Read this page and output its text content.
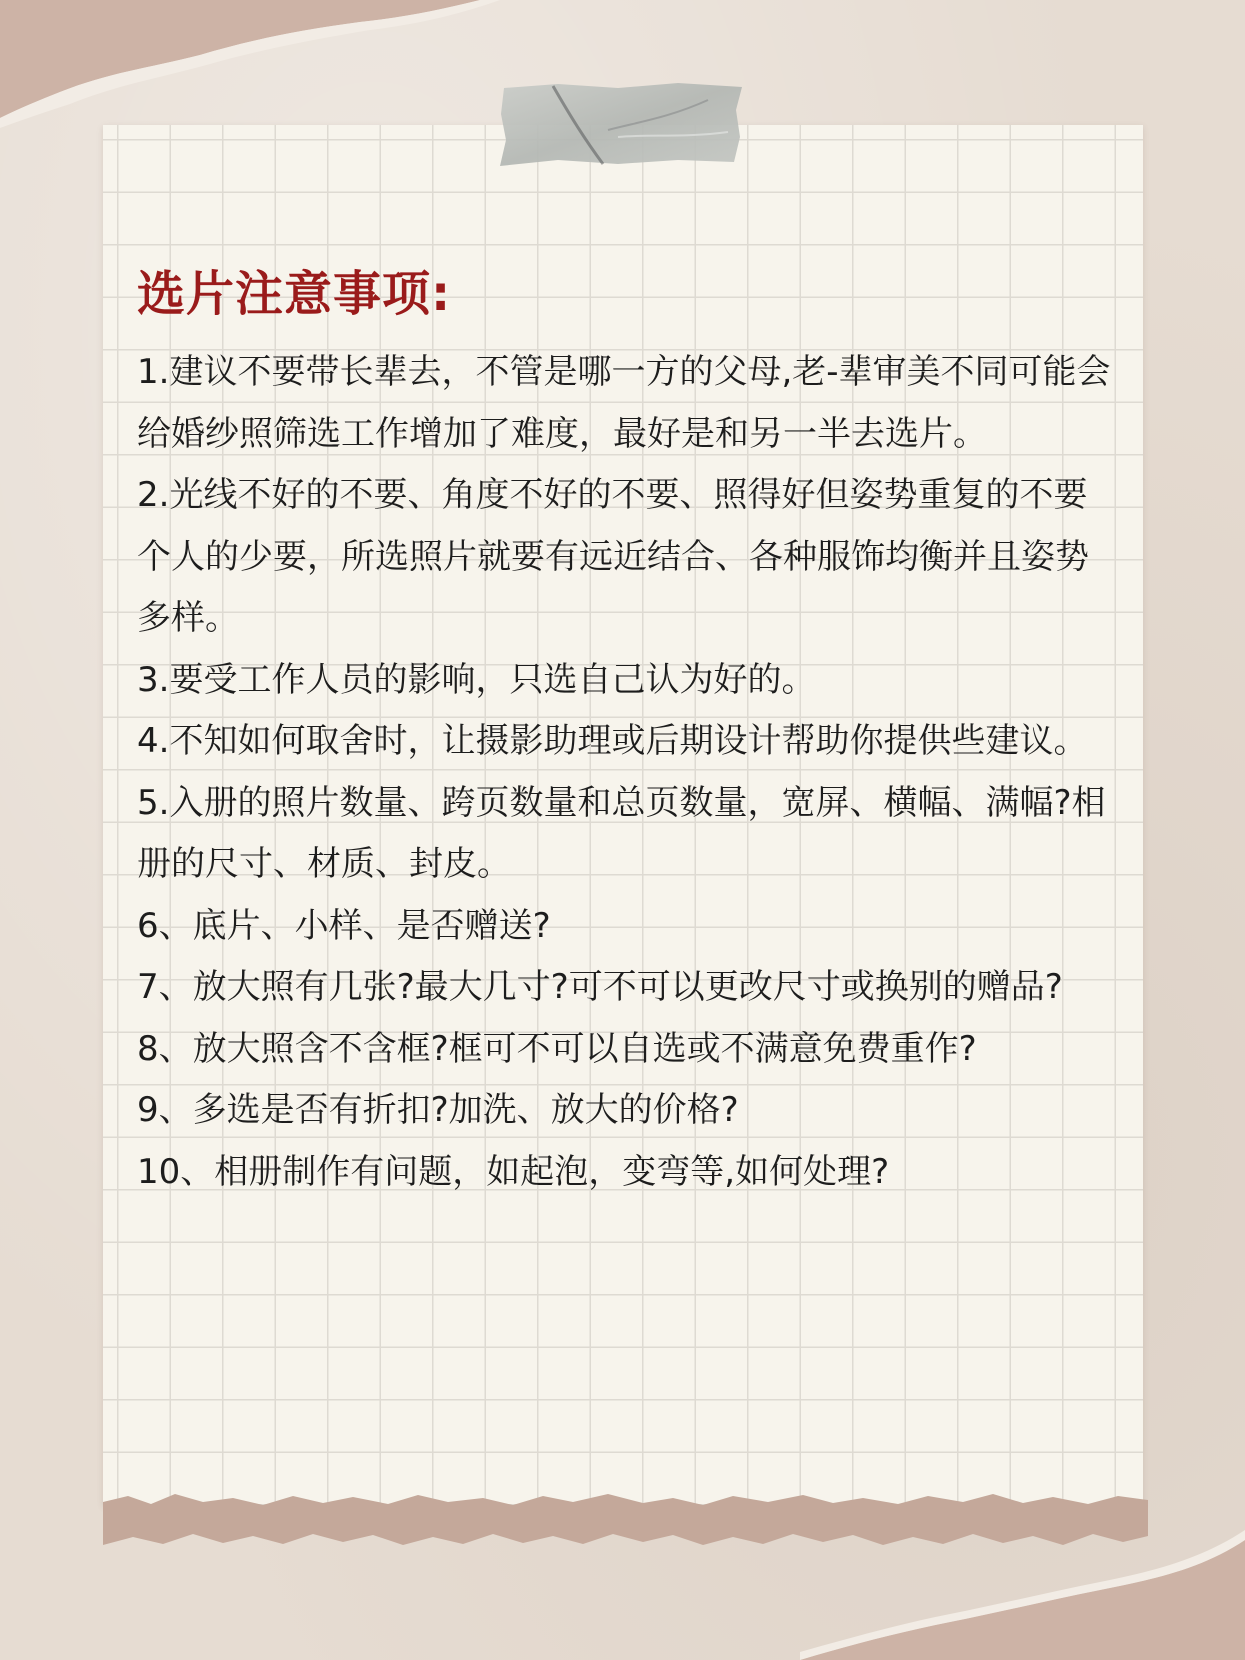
选片注意事项:
1.建议不要带长辈去，不管是哪一方的父母,老-辈审美不同可能会给婚纱照筛选工作增加了难度，最好是和另一半去选片。
2.光线不好的不要、角度不好的不要、照得好但姿势重复的不要个人的少要，所选照片就要有远近结合、各种服饰均衡并且姿势多样。
3.要受工作人员的影响，只选自己认为好的。
4.不知如何取舍时，让摄影助理或后期设计帮助你提供些建议。
5.入册的照片数量、跨页数量和总页数量，宽屏、横幅、满幅?相册的尺寸、材质、封皮。
6、底片、小样、是否赠送?
7、放大照有几张?最大几寸?可不可以更改尺寸或换别的赠品?
8、放大照含不含框?框可不可以自选或不满意免费重作?
9、多选是否有折扣?加洗、放大的价格?
10、相册制作有问题，如起泡，变弯等,如何处理?
